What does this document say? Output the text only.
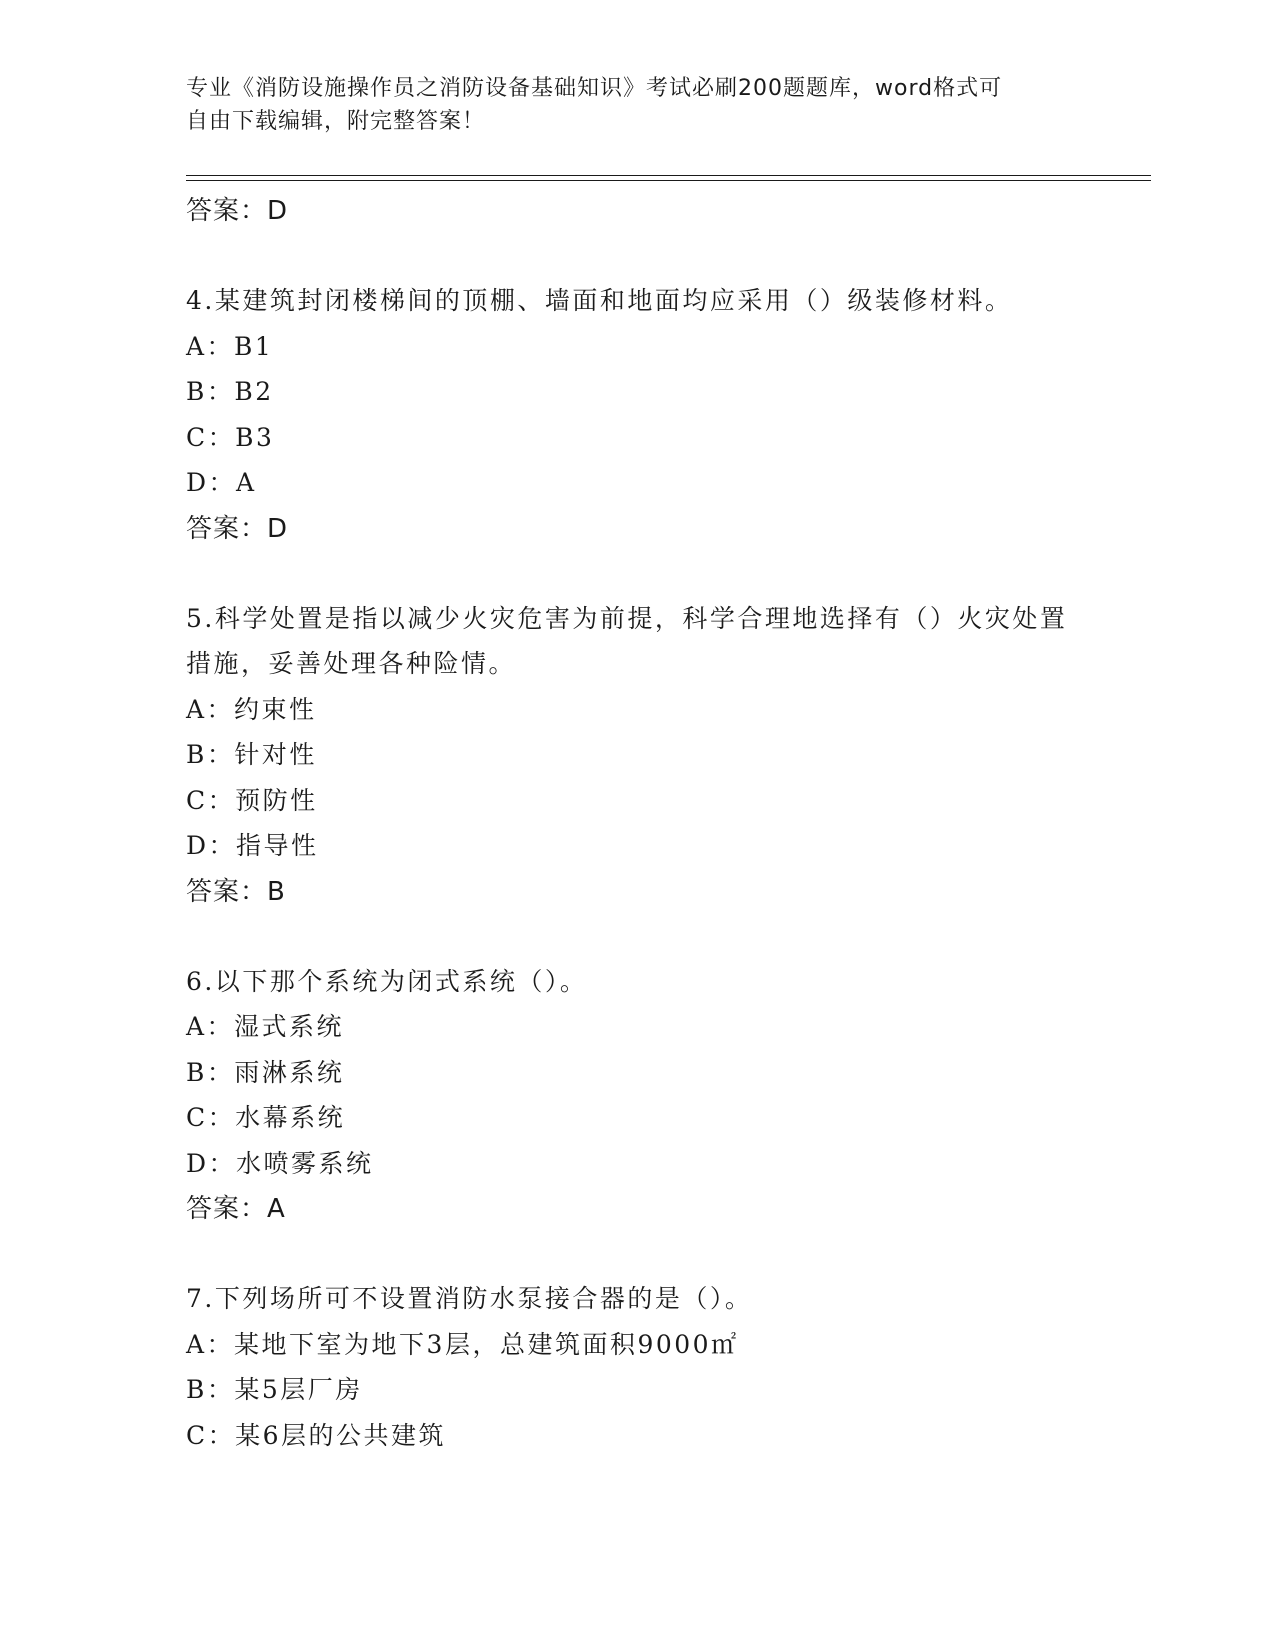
专业《消防设施操作员之消防设备基础知识》考试必刷200题题库，word格式可
自由下载编辑，附完整答案！
答案：D
4.某建筑封闭楼梯间的顶棚、墙面和地面均应采用（）级装修材料。
A：B1
B：B2
C：B3
D：A
答案：D
5.科学处置是指以减少火灾危害为前提，科学合理地选择有（）火灾处置措施，妥善处理各种险情。
A：约束性
B：针对性
C：预防性
D：指导性
答案：B
6.以下那个系统为闭式系统（）。
A：湿式系统
B：雨淋系统
C：水幕系统
D：水喷雾系统
答案：A
7.下列场所可不设置消防水泵接合器的是（）。
A：某地下室为地下3层，总建筑面积9000㎡
B：某5层厂房
C：某6层的公共建筑
